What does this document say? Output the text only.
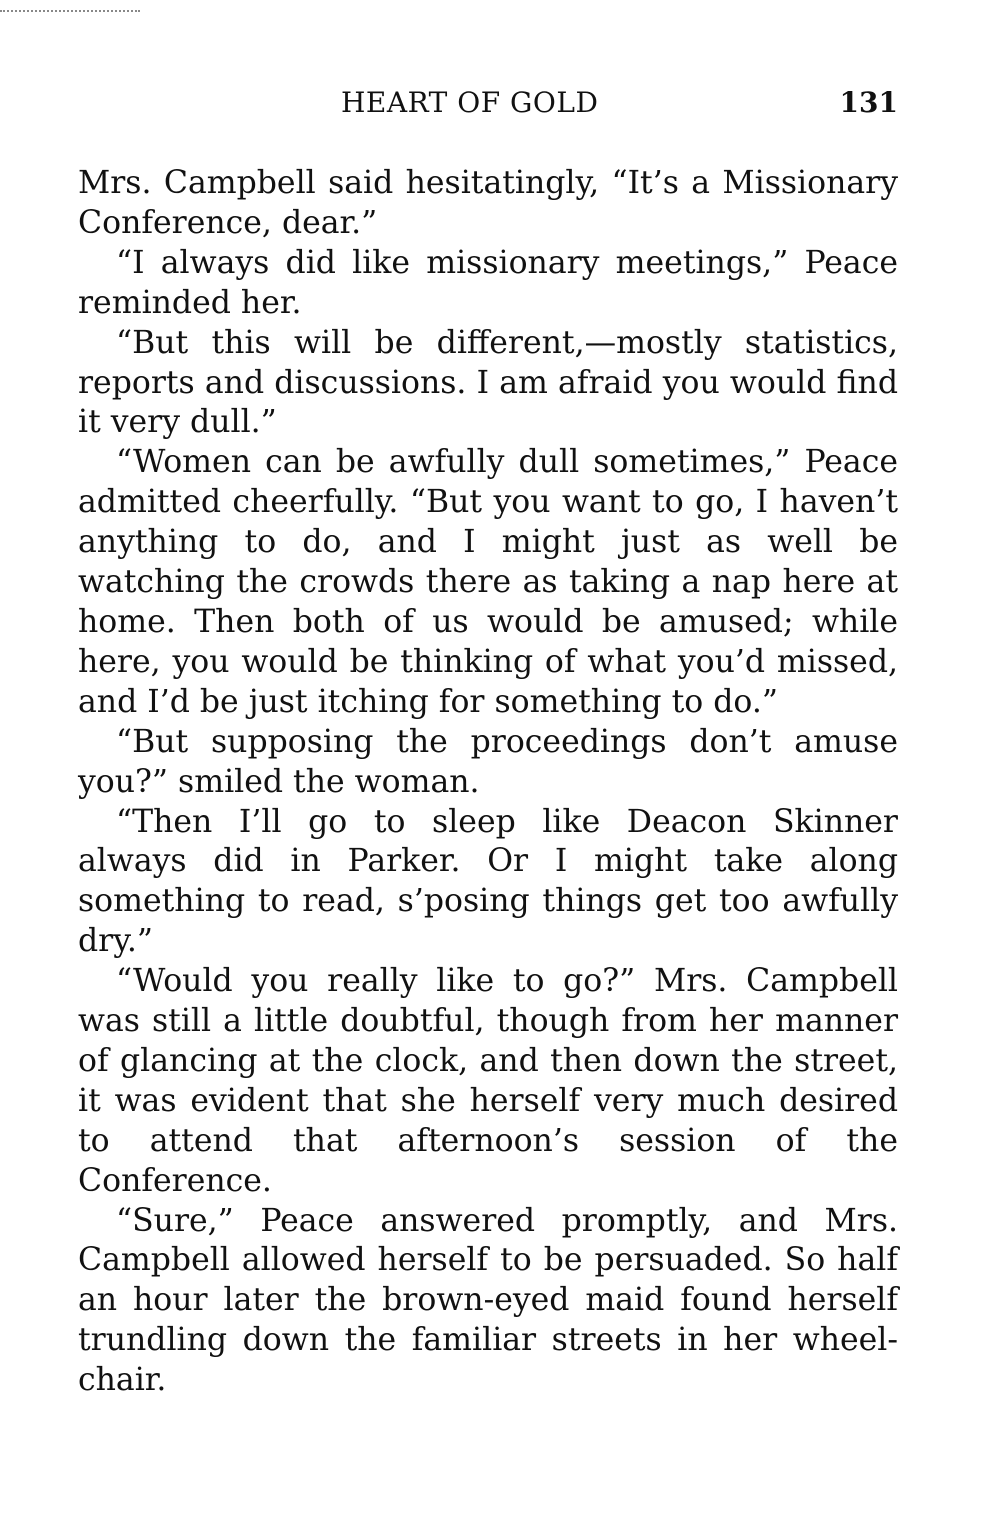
HEART OF GOLD	131

Mrs. Campbell said hesitatingly, “It’s a Missionary Conference, dear.”

“I always did like missionary meetings,” Peace reminded her.

“But this will be different,—mostly statistics, reports and discussions. I am afraid you would find it very dull.”

“Women can be awfully dull sometimes,” Peace admitted cheerfully. “But you want to go, I haven’t anything to do, and I might just as well be watching the crowds there as taking a nap here at home. Then both of us would be amused; while here, you would be thinking of what you’d missed, and I’d be just itching for something to do.”

“But supposing the proceedings don’t amuse you?” smiled the woman.

“Then I’ll go to sleep like Deacon Skinner always did in Parker. Or I might take along something to read, s’posing things get too awfully dry.”

“Would you really like to go?” Mrs. Campbell was still a little doubtful, though from her manner of glancing at the clock, and then down the street, it was evident that she herself very much desired to attend that afternoon’s session of the Conference.

“Sure,” Peace answered promptly, and Mrs. Campbell allowed herself to be persuaded. So half an hour later the brown-eyed maid found herself trundling down the familiar streets in her wheel-chair.
